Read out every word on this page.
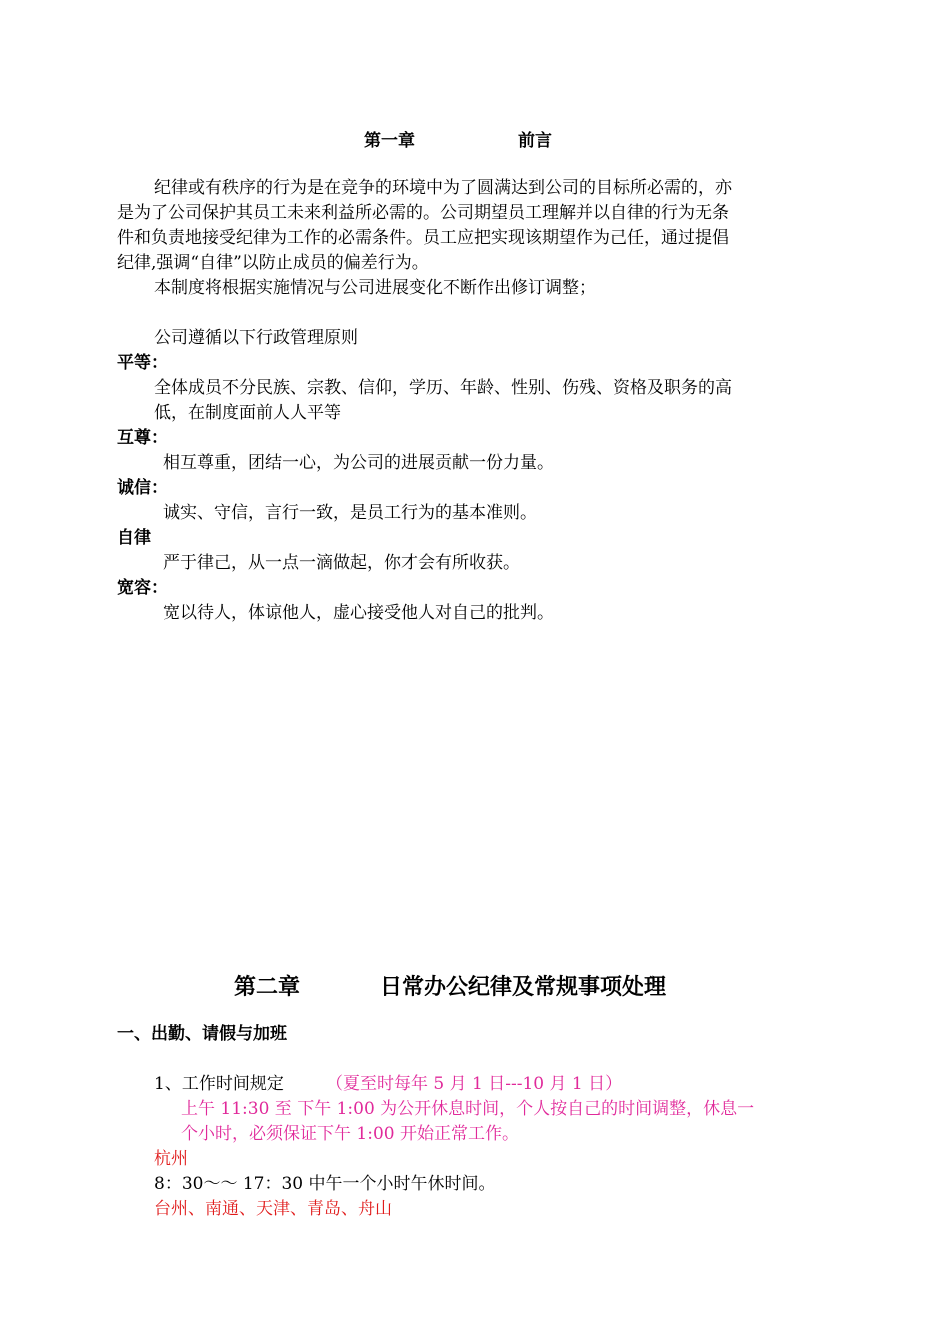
第一章	前言
纪律或有秩序的行为是在竞争的环境中为了圆满达到公司的目标所必需的，亦
是为了公司保护其员工未来利益所必需的。公司期望员工理解并以自律的行为无条
件和负责地接受纪律为工作的必需条件。员工应把实现该期望作为己任，通过提倡
纪律,强调“自律”以防止成员的偏差行为。
本制度将根据实施情况与公司进展变化不断作出修订调整；
公司遵循以下行政管理原则
平等：
全体成员不分民族、宗教、信仰，学历、年龄、性别、伤残、资格及职务的高
低，在制度面前人人平等
互尊：
相互尊重，团结一心，为公司的进展贡献一份力量。
诚信：
诚实、守信，言行一致，是员工行为的基本准则。
自律
严于律己，从一点一滴做起，你才会有所收获。
宽容：
宽以待人，体谅他人，虚心接受他人对自己的批判。
第二章	日常办公纪律及常规事项处理
一、出勤、请假与加班
1、工作时间规定 （夏至时每年 5 月 1 日---10 月 1 日）
上午 11:30 至 下午 1:00 为公开休息时间，个人按自己的时间调整，休息一
个小时，必须保证下午 1:00 开始正常工作。
杭州
8：30～～ 17：30 中午一个小时午休时间。
台州、南通、天津、青岛、舟山
